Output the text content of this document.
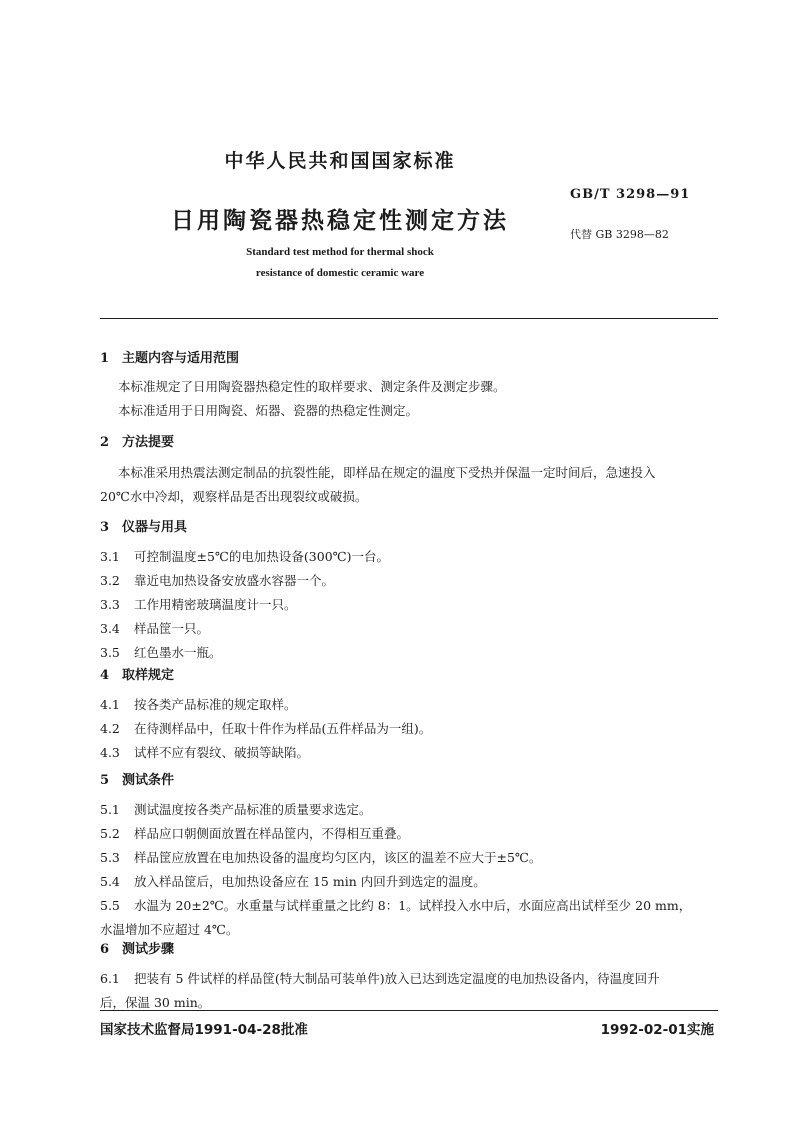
中华人民共和国国家标准
GB/T 3298—91
日用陶瓷器热稳定性测定方法
代替 GB 3298—82
Standard test method for thermal shock
resistance of domestic ceramic ware
1 主题内容与适用范围
本标准规定了日用陶瓷器热稳定性的取样要求、测定条件及测定步骤。
本标准适用于日用陶瓷、炻器、瓷器的热稳定性测定。
2 方法提要
本标准采用热震法测定制品的抗裂性能，即样品在规定的温度下受热并保温一定时间后，急速投入
20℃水中冷却，观察样品是否出现裂纹或破损。
3 仪器与用具
3.1 可控制温度±5℃的电加热设备(300℃)一台。
3.2 靠近电加热设备安放盛水容器一个。
3.3 工作用精密玻璃温度计一只。
3.4 样品筐一只。
3.5 红色墨水一瓶。
4 取样规定
4.1 按各类产品标准的规定取样。
4.2 在待测样品中，任取十件作为样品(五件样品为一组)。
4.3 试样不应有裂纹、破损等缺陷。
5 测试条件
5.1 测试温度按各类产品标准的质量要求选定。
5.2 样品应口朝侧面放置在样品筐内，不得相互重叠。
5.3 样品筐应放置在电加热设备的温度均匀区内，该区的温差不应大于±5℃。
5.4 放入样品筐后，电加热设备应在 15 min 内回升到选定的温度。
5.5 水温为 20±2℃。水重量与试样重量之比约 8：1。试样投入水中后，水面应高出试样至少 20 mm，
水温增加不应超过 4℃。
6 测试步骤
6.1 把装有 5 件试样的样品筐(特大制品可装单件)放入已达到选定温度的电加热设备内，待温度回升
后，保温 30 min。
国家技术监督局1991-04-28批准	1992-02-01实施
